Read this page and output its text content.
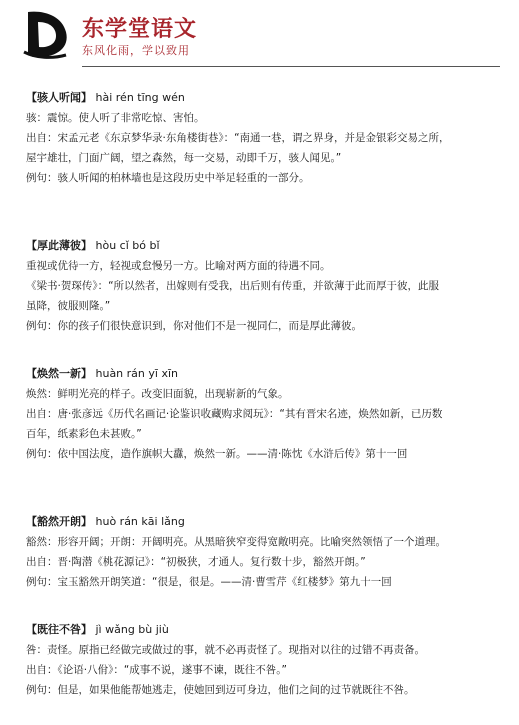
东学堂语文
东风化雨，学以致用

【骇人听闻】 hài rén tīng wén

骇：震惊。使人听了非常吃惊、害怕。

出自：宋孟元老《东京梦华录·东角楼街巷》：“南通一巷，谓之界身，并是金银彩交易之所，

屋宇雄壮，门面广阔，望之森然，每一交易，动即千万，骇人闻见。”

例句：骇人听闻的柏林墙也是这段历史中举足轻重的一部分。

【厚此薄彼】 hòu cǐ bó bǐ

重视或优待一方，轻视或怠慢另一方。比喻对两方面的待遇不同。

《梁书·贺琛传》：“所以然者，出嫁则有受我，出后则有传重，并欲薄于此而厚于彼，此服

虽降，彼服则隆。”

例句：你的孩子们很快意识到，你对他们不是一视同仁，而是厚此薄彼。

【焕然一新】 huàn rán yī xīn

焕然：鲜明光亮的样子。改变旧面貌，出现崭新的气象。

出自：唐·张彦远《历代名画记·论鉴识收藏购求阅玩》：“其有晋宋名迹，焕然如新，已历数

百年，纸素彩色未甚败。”

例句：依中国法度，造作旗帜大纛，焕然一新。——清·陈忱《水浒后传》第十一回

【豁然开朗】 huò rán kāi lǎng

豁然：形容开阔；开朗：开阔明亮。从黑暗狭窄变得宽敞明亮。比喻突然领悟了一个道理。

出自：晋·陶潜《桃花源记》：“初极狭，才通人。复行数十步，豁然开朗。”

例句：宝玉豁然开朗笑道：“很是，很是。——清·曹雪芹《红楼梦》第九十一回

【既往不咎】 jì wǎng bù jiù

咎：责怪。原指已经做完或做过的事，就不必再责怪了。现指对以往的过错不再责备。

出自：《论语·八佾》：“成事不说，遂事不谏，既往不咎。”

例句：但是，如果他能帮她逃走，使她回到迈可身边，他们之间的过节就既往不咎。
